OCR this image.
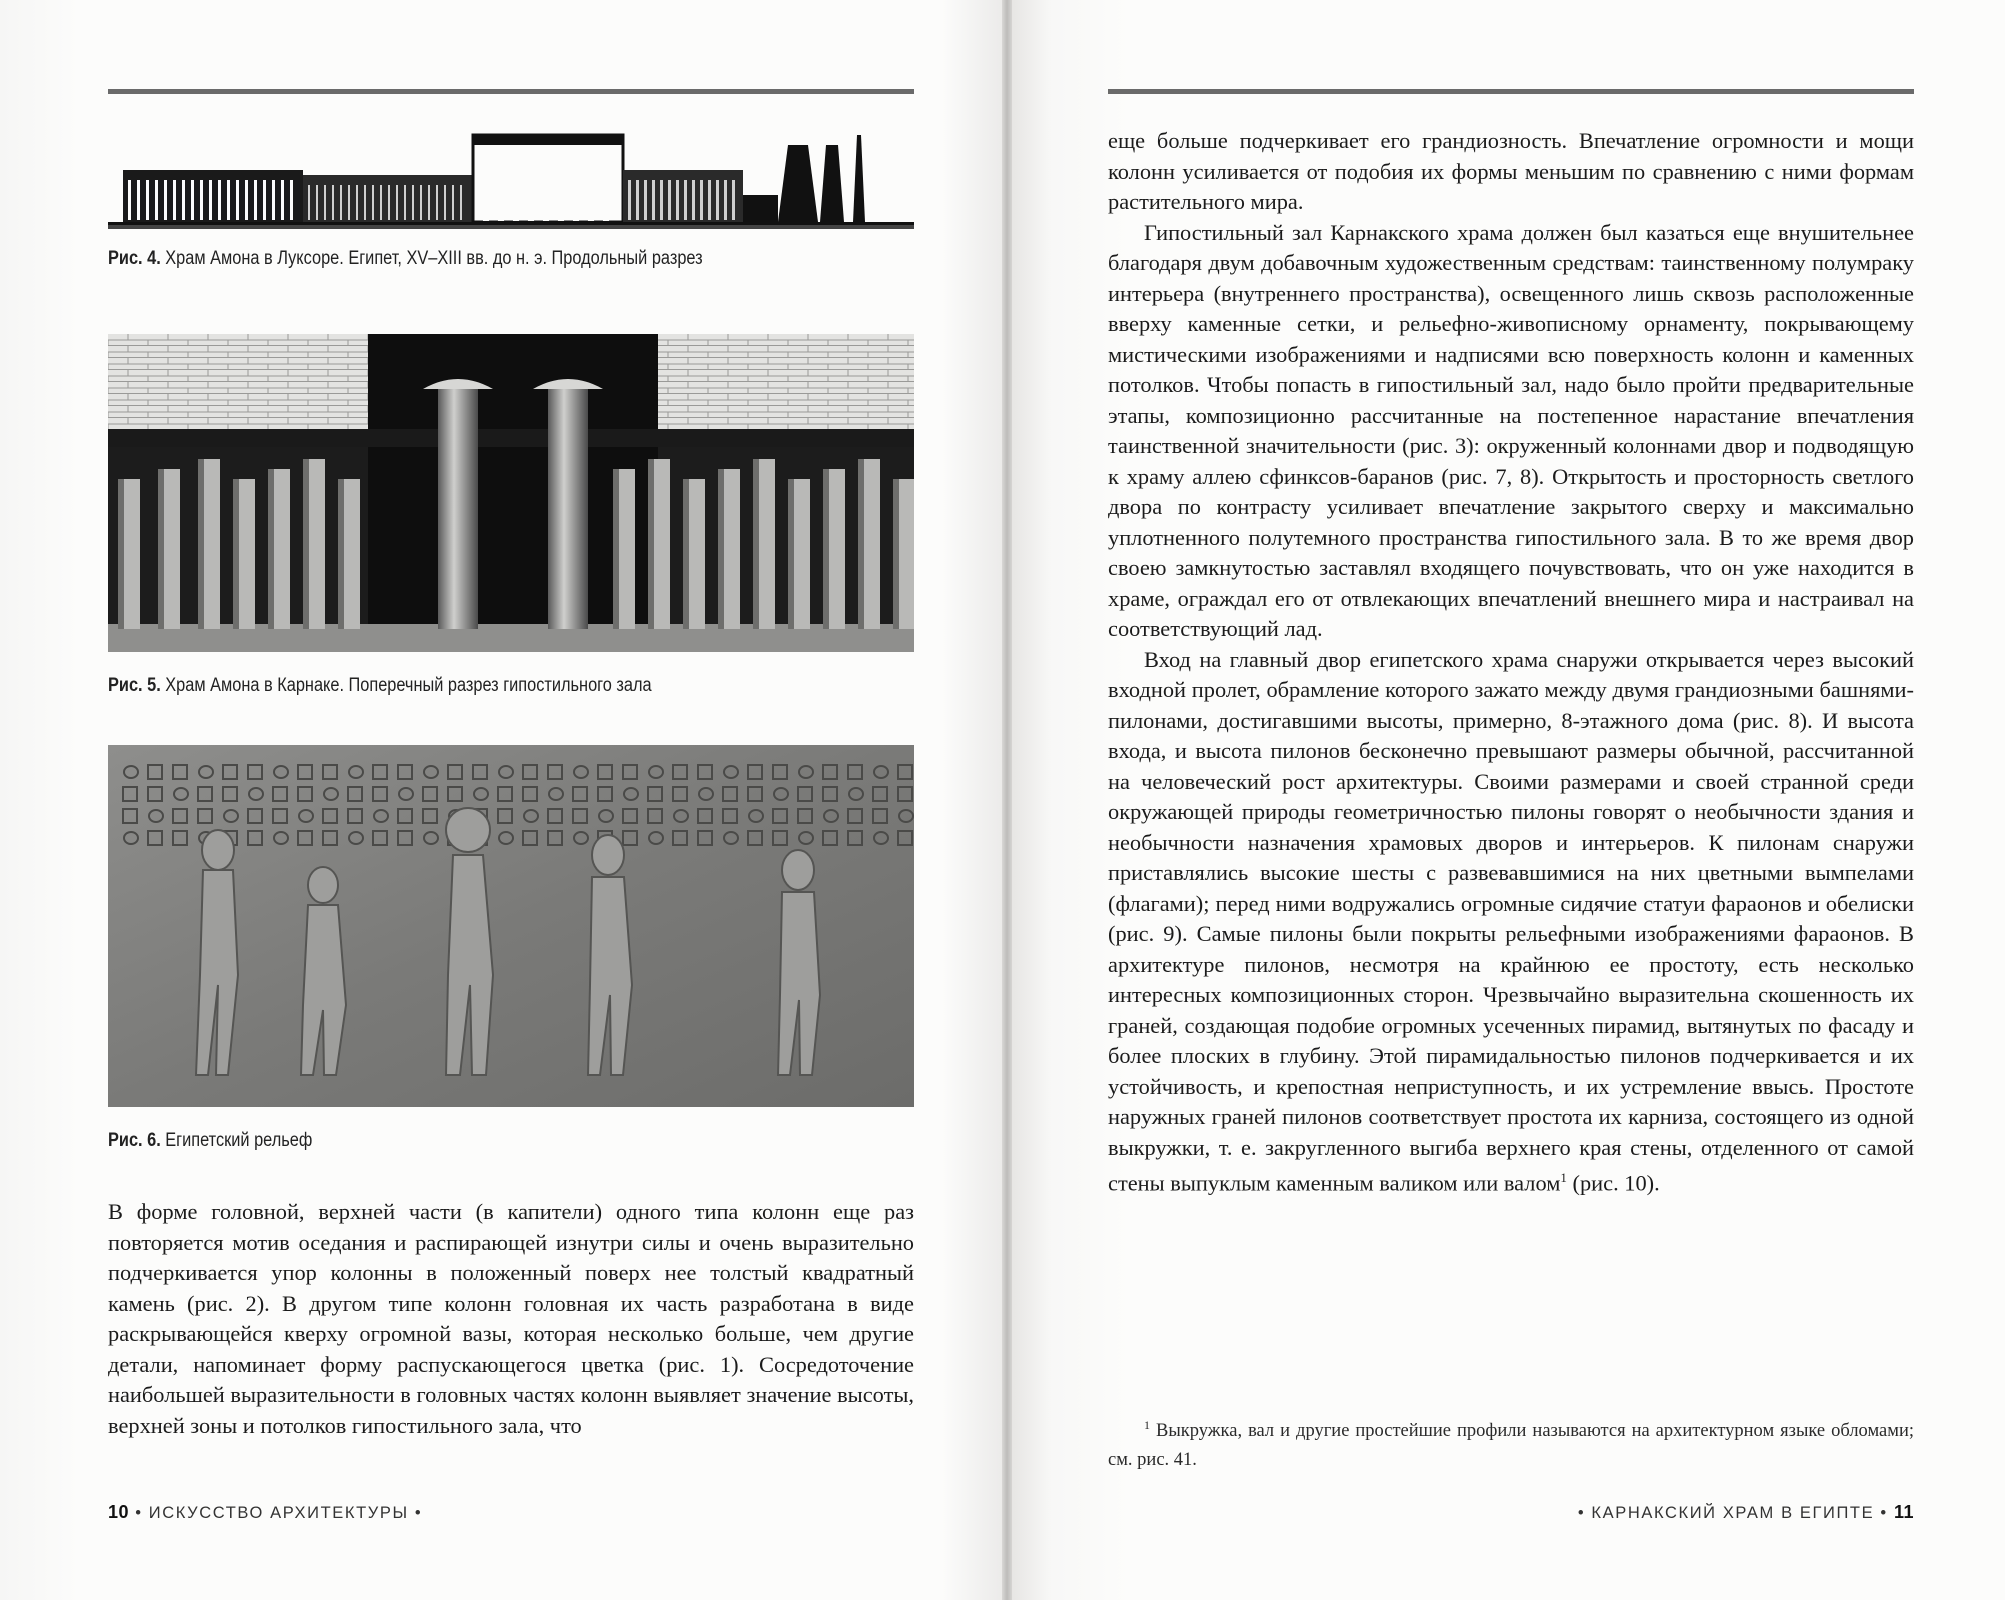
Рис. 4. Храм Амона в Луксоре. Египет, XV–XIII вв. до н. э. Продольный разрез
Рис. 5. Храм Амона в Карнаке. Поперечный разрез гипостильного зала
Рис. 6. Египетский рельеф

В форме головной, верхней части (в капители) одного типа колонн еще раз повторяется мотив оседания и распирающей изнутри силы и очень выразительно подчеркивается упор колонны в положенный поверх нее толстый квадратный камень (рис. 2). В другом типе колонн головная их часть разработана в виде раскрывающейся кверху огромной вазы, которая несколько больше, чем другие детали, напоминает форму распускающегося цветка (рис. 1). Сосредоточение наибольшей выразительности в головных частях колонн выявляет значение высоты, верхней зоны и потолков гипостильного зала, что

10 • ИСКУССТВО АРХИТЕКТУРЫ •

еще больше подчеркивает его грандиозность. Впечатление огромности и мощи колонн усиливается от подобия их формы меньшим по сравнению с ними формам растительного мира.

Гипостильный зал Карнакского храма должен был казаться еще внушительнее благодаря двум добавочным художественным средствам: таинственному полумраку интерьера (внутреннего пространства), освещенного лишь сквозь расположенные вверху каменные сетки, и рельефно-живописному орнаменту, покрывающему мистическими изображениями и надписями всю поверхность колонн и каменных потолков. Чтобы попасть в гипостильный зал, надо было пройти предварительные этапы, композиционно рассчитанные на постепенное нарастание впечатления таинственной значительности (рис. 3): окруженный колоннами двор и подводящую к храму аллею сфинксов-баранов (рис. 7, 8). Открытость и просторность светлого двора по контрасту усиливает впечатление закрытого сверху и максимально уплотненного полутемного пространства гипостильного зала. В то же время двор своею замкнутостью заставлял входящего почувствовать, что он уже находится в храме, ограждал его от отвлекающих впечатлений внешнего мира и настраивал на соответствующий лад.

Вход на главный двор египетского храма снаружи открывается через высокий входной пролет, обрамление которого зажато между двумя грандиозными башнями-пилонами, достигавшими высоты, примерно, 8-этажного дома (рис. 8). И высота входа, и высота пилонов бесконечно превышают размеры обычной, рассчитанной на человеческий рост архитектуры. Своими размерами и своей странной среди окружающей природы геометричностью пилоны говорят о необычности здания и необычности назначения храмовых дворов и интерьеров. К пилонам снаружи приставлялись высокие шесты с развевавшимися на них цветными вымпелами (флагами); перед ними водружались огромные сидячие статуи фараонов и обелиски (рис. 9). Самые пилоны были покрыты рельефными изображениями фараонов. В архитектуре пилонов, несмотря на крайнюю ее простоту, есть несколько интересных композиционных сторон. Чрезвычайно выразительна скошенность их граней, создающая подобие огромных усеченных пирамид, вытянутых по фасаду и более плоских в глубину. Этой пирамидальностью пилонов подчеркивается и их устойчивость, и крепостная неприступность, и их устремление ввысь. Простоте наружных граней пилонов соответствует простота их карниза, состоящего из одной выкружки, т. е. закругленного выгиба верхнего края стены, отделенного от самой стены выпуклым каменным валиком или валом$^1$ (рис. 10).

$^1$ Выкружка, вал и другие простейшие профили называются на архитектурном языке обломами; см. рис. 41.
• КАРНАКСКИЙ ХРАМ В ЕГИПТЕ • 11
